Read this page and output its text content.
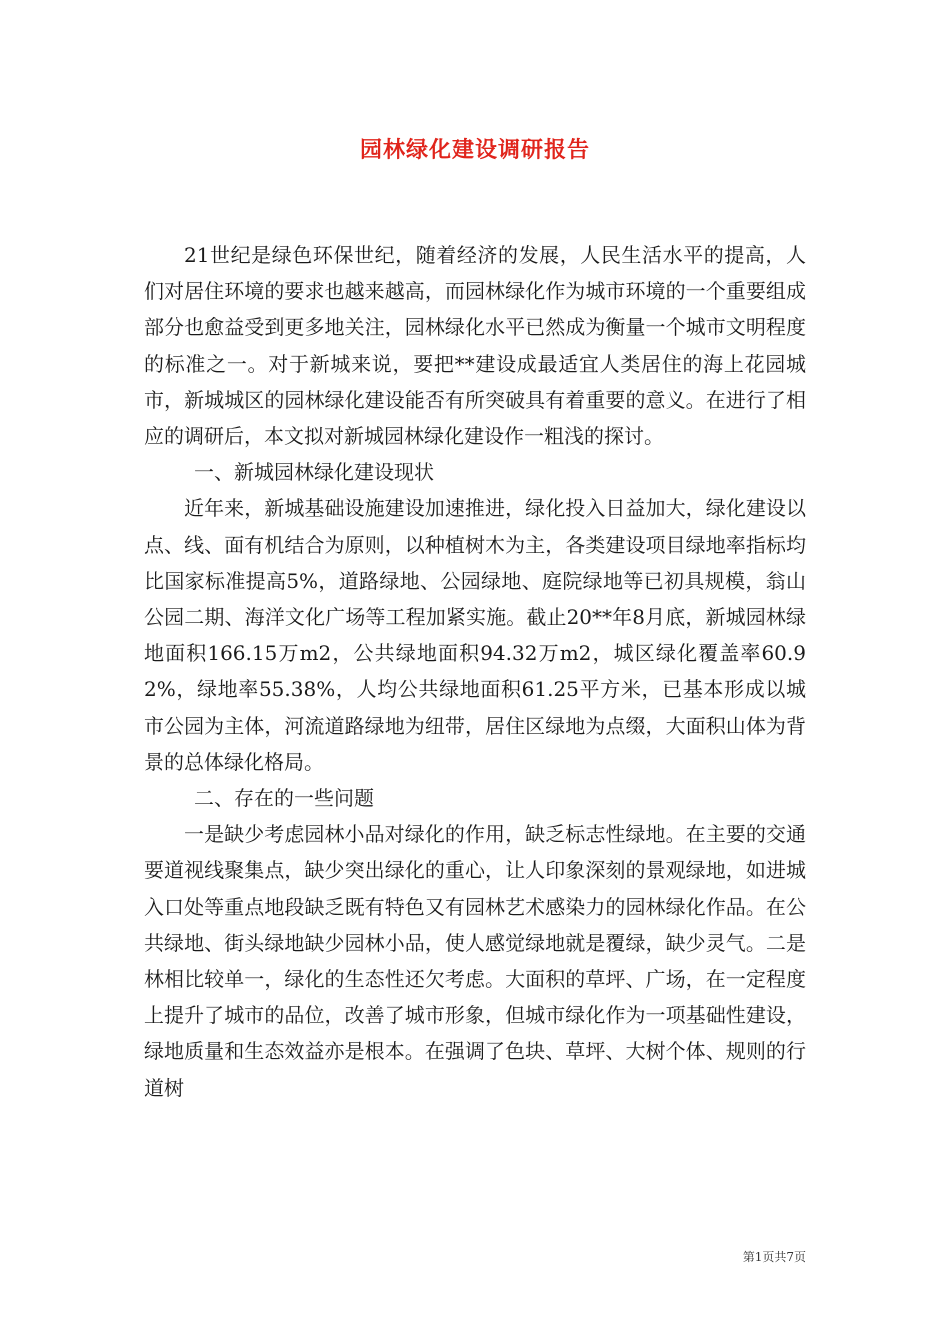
园林绿化建设调研报告

21世纪是绿色环保世纪，随着经济的发展，人民生活水平的提高，人们对居住环境的要求也越来越高，而园林绿化作为城市环境的一个重要组成部分也愈益受到更多地关注，园林绿化水平已然成为衡量一个城市文明程度的标准之一。对于新城来说，要把**建设成最适宜人类居住的海上花园城市，新城城区的园林绿化建设能否有所突破具有着重要的意义。在进行了相应的调研后，本文拟对新城园林绿化建设作一粗浅的探讨。

一、新城园林绿化建设现状

近年来，新城基础设施建设加速推进，绿化投入日益加大，绿化建设以点、线、面有机结合为原则，以种植树木为主，各类建设项目绿地率指标均比国家标准提高5%，道路绿地、公园绿地、庭院绿地等已初具规模，翁山公园二期、海洋文化广场等工程加紧实施。截止20**年8月底，新城园林绿地面积166.15万m2，公共绿地面积94.32万m2，城区绿化覆盖率60.92%，绿地率55.38%，人均公共绿地面积61.25平方米，已基本形成以城市公园为主体，河流道路绿地为纽带，居住区绿地为点缀，大面积山体为背景的总体绿化格局。

二、存在的一些问题

一是缺少考虑园林小品对绿化的作用，缺乏标志性绿地。在主要的交通要道视线聚集点，缺少突出绿化的重心，让人印象深刻的景观绿地，如进城入口处等重点地段缺乏既有特色又有园林艺术感染力的园林绿化作品。在公共绿地、街头绿地缺少园林小品，使人感觉绿地就是覆绿，缺少灵气。二是林相比较单一，绿化的生态性还欠考虑。大面积的草坪、广场，在一定程度上提升了城市的品位，改善了城市形象，但城市绿化作为一项基础性建设，绿地质量和生态效益亦是根本。在强调了色块、草坪、大树个体、规则的行道树

第1页共7页
